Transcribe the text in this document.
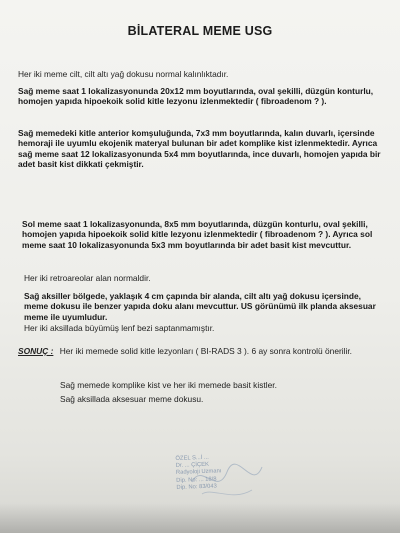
BİLATERAL MEME USG
Her iki meme cilt, cilt altı yağ dokusu normal kalınlıktadır.
Sağ meme saat 1 lokalizasyonunda 20x12 mm boyutlarında, oval şekilli, düzgün konturlu, homojen yapıda hipoekoik solid kitle lezyonu izlenmektedir ( fibroadenom ? ).
Sağ memedeki kitle anterior komşuluğunda, 7x3 mm boyutlarında, kalın duvarlı, içersinde hemoraji ile uyumlu ekojenik materyal bulunan bir adet komplike kist izlenmektedir. Ayrıca sağ meme saat 12 lokalizasyonunda 5x4 mm boyutlarında, ince duvarlı, homojen yapıda bir adet basit kist dikkati çekmiştir.
Sol meme saat 1 lokalizasyonunda, 8x5 mm boyutlarında, düzgün konturlu, oval şekilli, homojen yapıda hipoekoik solid kitle lezyonu izlenmektedir ( fibroadenom ? ). Ayrıca sol meme saat 10 lokalizasyonunda 5x3 mm boyutlarında bir adet basit kist mevcuttur.
Her iki retroareolar alan normaldir.
Sağ aksiller bölgede, yaklaşık 4 cm çapında bir alanda, cilt altı yağ dokusu içersinde, meme dokusu ile benzer yapıda doku alanı mevcuttur. US görünümü ilk planda aksesuar meme ile uyumludur.
Her iki aksillada büyümüş lenf bezi saptanmamıştır.
SONUÇ : Her iki memede solid kitle lezyonları ( BI-RADS 3 ). 6 ay sonra kontrolü önerilir.
Sağ memede komplike kist ve her iki memede basit kistler.
Sağ aksillada aksesuar meme dokusu.
ÖZEL S...İ ...
Dr. ... ÇİÇEK
Radyoloji Uzmanı
Dip. No: ... 18/8
Dip. No: 83/043
